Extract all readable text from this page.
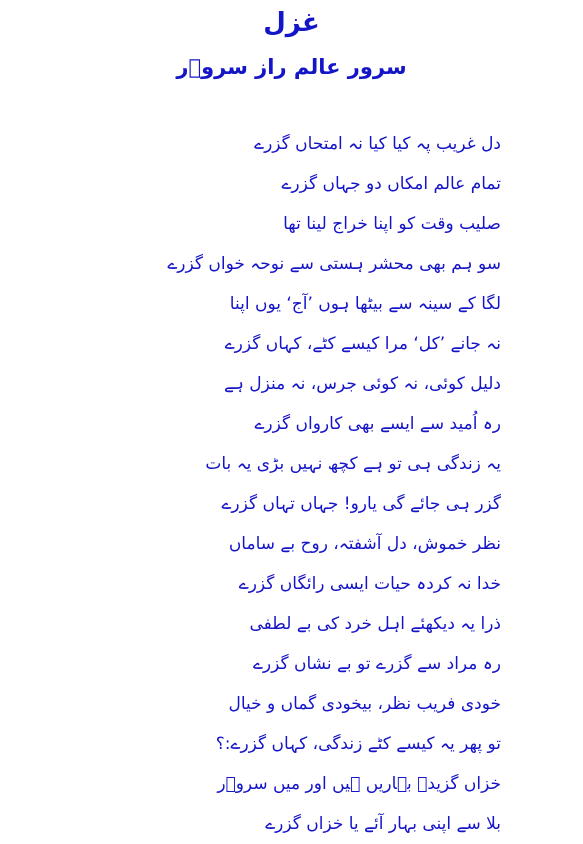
غزل
سرور عالم راز سروؔر
دل غریب پہ کیا کیا نہ امتحاں گزرے
تمام عالم امکاں دو جہاں گزرے
صلیب وقت کو اپنا خراج لینا تھا
سو ہم بھی محشر ہستی سے نوحہ خواں گزرے
لگا کے سینہ سے بیٹھا ہوں ’آج‘ یوں اپنا
نہ جانے ’کل‘ مرا کیسے کٹے، کہاں گزرے
دلیل کوئی، نہ کوئی جرس، نہ منزل ہے
رہ اُمید سے ایسے بھی کارواں گزرے
یہ زندگی ہی تو ہے کچھ نہیں بڑی یہ بات
گزر ہی جائے گی یارو! جہاں تہاں گزرے
نظر خموش، دل آشفتہ، روح بے ساماں
خدا نہ کردہ حیات ایسی رائگاں گزرے
ذرا یہ دیکھئے اہل خرد کی بے لطفی
رہ مراد سے گزرے تو بے نشاں گزرے
خودی فریب نظر، بیخودی گماں و خیال
تو پھر یہ کیسے کٹے زندگی، کہاں گزرے:؟
خزاں گزیدہ بہاریں ہیں اور میں سروؔر
بلا سے اپنی بہار آئے یا خزاں گزرے
